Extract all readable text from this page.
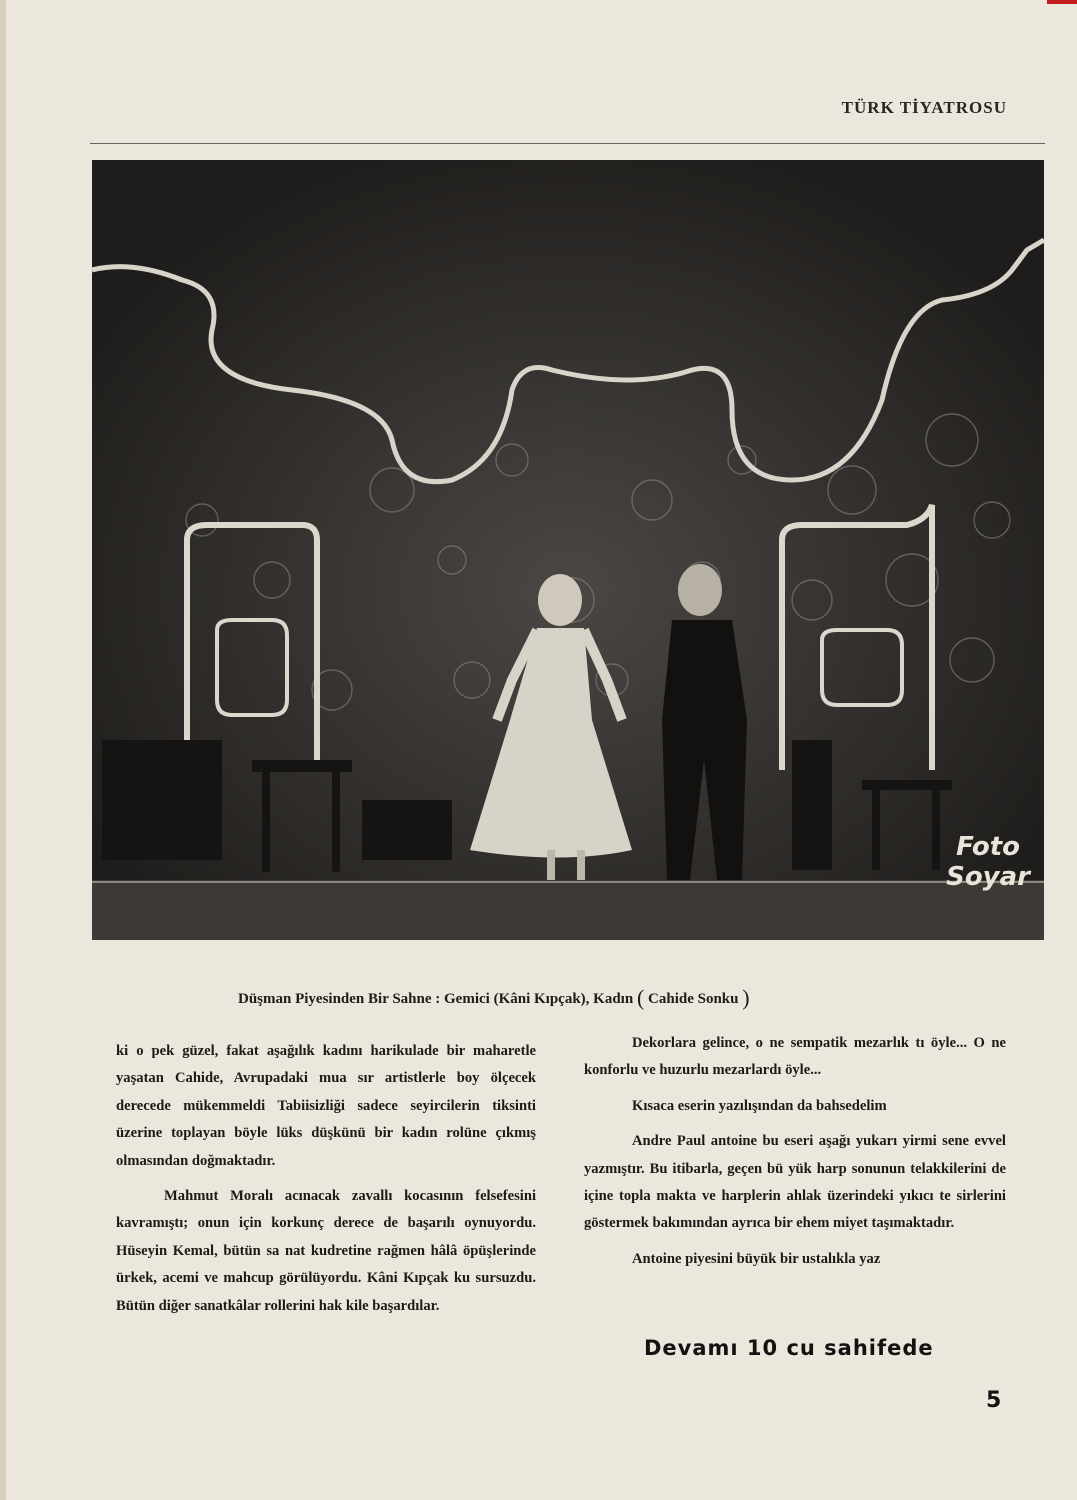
TÜRK TİYATROSU
Foto
Soyar
Düşman Piyesinden Bir Sahne : Gemici (Kâni Kıpçak), Kadın ( Cahide Sonku )

ki o pek güzel, fakat aşağılık kadını harikulade bir maharetle yaşatan Cahide, Avrupadaki mua sır artistlerle boy ölçecek derecede mükemmeldi Tabiisizliği sadece seyircilerin tiksinti üzerine toplayan böyle lüks düşkünü bir kadın rolüne çıkmış olmasından doğmaktadır.

Mahmut Moralı acınacak zavallı kocasının felsefesini kavramıştı; onun için korkunç derece de başarılı oynuyordu. Hüseyin Kemal, bütün sa nat kudretine rağmen hâlâ öpüşlerinde ürkek, acemi ve mahcup görülüyordu. Kâni Kıpçak ku sursuzdu. Bütün diğer sanatkâlar rollerini hak kile başardılar.

Dekorlara gelince, o ne sempatik mezarlık tı öyle... O ne konforlu ve huzurlu mezarlardı öyle...

Kısaca eserin yazılışından da bahsedelim

Andre Paul antoine bu eseri aşağı yukarı yirmi sene evvel yazmıştır. Bu itibarla, geçen bü yük harp sonunun telakkilerini de içine topla makta ve harplerin ahlak üzerindeki yıkıcı te sirlerini göstermek bakımından ayrıca bir ehem miyet taşımaktadır.

Antoine piyesini büyük bir ustalıkla yaz

Devamı 10 cu sahifede
5
